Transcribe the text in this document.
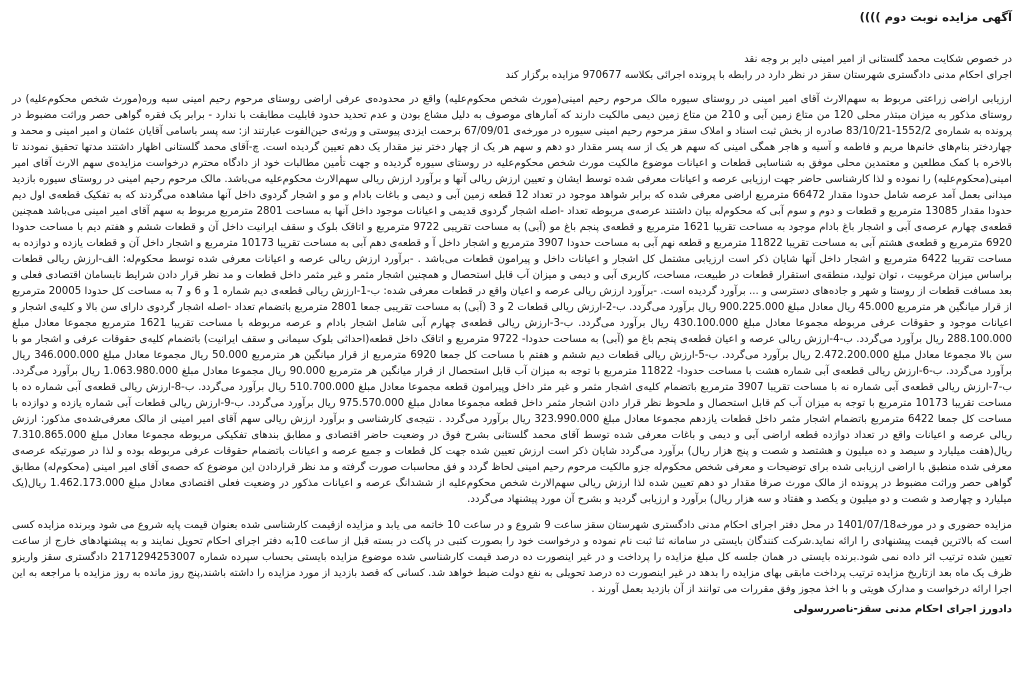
آگهی مزایده نوبت دوم ))))
در خصوص شکایت محمد گلستانی از امیر امینی دایر بر وجه نقد
اجرای احکام مدنی دادگستری شهرستان سقز در نظر دارد در رابطه با پرونده اجرائی بکلاسه 970677 مزایده برگزار کند
ارزیابی اراضی زراعتی مربوط به سهم‌الارث آقای امیر امینی در روستای سیوره مالک مرحوم رحیم امینی(مورث شخص محکوم‌علیه) واقع در محدوده‌ی عرفی اراضی روستای مرحوم رحیم امینی سیه وره(مورث شخص محکوم‌علیه) در روستای مذکور به میزان مبتذر محلی 120 من متاع زمین آبی و 210 من متاع زمین دیمی مالکیت دارند که آمارهای موصوف به دلیل مشاع بودن و عدم تحدید حدود قابلیت مطابقت با ندارد - برابر یک فقره گواهی حصر وراثت مضبوط در پرونده به شماره‌ی 1552/2-83/10/21 صادره از بخش ثبت اسناد و املاک سقز مرحوم رحیم امینی سیوره در مورخه‌ی 67/09/01 برحمت ایزدی پیوستی و ورثه‌ی حین‌الفوت عبارتند از: سه پسر باسامی آقایان عثمان و امیر امینی و محمد و چهاردختر بنام‌های خانم‌ها مریم و فاطمه و آسیه و هاجر همگی امینی که سهم هر یک از سه پسر مقدار دو دهم و سهم هر یک از چهار دختر نیز مقدار یک دهم تعیین گردیده است. چ-آقای محمد گلستانی اظهار داشتند مدتها تحقیق نمودند تا بالاخره با کمک مطلعین و معتمدین محلی موفق به شناسایی قطعات و اعیانات موضوع مالکیت مورث شخص محکوم‌علیه در روستای سیوره گردیده و جهت تأمین مطالبات خود از دادگاه محترم درخواست مزایده‌ی سهم الارث آقای امیر امینی(محکوم‌علیه) را نموده و لذا کارشناسی حاضر جهت ارزیابی عرصه و اعیانات معرفی شده توسط ایشان و تعیین ارزش ریالی آنها و برآورد ارزش ریالی سهم‌الارث محکوم‌علیه می‌باشد. مالک مرحوم رحیم امینی در روستای سیوره بازدید میدانی بعمل آمد عرصه شامل حدودا مقدار 66472 مترمربع اراضی معرفی شده که برابر شواهد موجود در تعداد 12 قطعه زمین آبی و دیمی و باغات بادام و مو و اشجار گردوی داخل آنها مشاهده می‌گردند که به تفکیک قطعه‌ی اول دیم حدودا مقدار 13085 مترمربع و قطعات و دوم و سوم آبی که محکوم‌له بیان داشتند عرصه‌ی مربوطه تعداد -اصله اشجار گردوی قدیمی و اعیانات موجود داخل آنها به مساحت 2801 مترمربع مربوط به سهم آقای امیر امینی می‌باشد همچنین قطعه‌ی چهارم عرصه‌ی آبی و اشجار باغ بادام موجود به مساحت تقریبا 1621 مترمربع و قطعه‌ی پنجم باغ مو (آبی) به مساحت تقریبی 9722 مترمربع و اتاقک بلوک و سقف ایرانیت داخل آن و قطعات ششم و هفتم دیم با مساحت حدودا 6920 مترمربع و قطعه‌ی هشتم آبی به مساحت تقریبا 11822 مترمربع و قطعه نهم آبی به مساحت حدودا 3907 مترمربع و اشجار داخل آ و قطعه‌ی دهم آبی به مساحت تقریبا 10173 مترمربع و اشجار داخل آن و قطعات یازده و دوازده به مساحت تقریبا 6422 مترمربع و اشجار داخل آنها شایان ذکر است ارزیابی مشتمل کل اشجار و اعیانات داخل و پیرامون قطعات می‌باشد . -برآورد ارزش ریالی عرصه و اعیانات معرفی شده توسط محکوم‌له: الف-ارزش ریالی قطعات براساس میزان مرغوبیت ، توان تولید، منطقه‌ی استقرار قطعات در طبیعت، مساحت، کاربری آبی و دیمی و میزان آب قابل استحصال و همچنین اشجار مثمر و غیر مثمر داخل قطعات و مد نظر قرار دادن شرایط نابسامان اقتصادی فعلی و بعد مسافت قطعات از روستا و شهر و جاده‌های دسترسی و ... برآورد گردیده است. -برآورد ارزش ریالی عرصه و اعیان واقع در قطعات معرفی شده: ب-1-ارزش ریالی قطعه‌ی دیم شماره 1 و 6 و 7 به مساحت کل حدودا 20005 مترمربع از قرار میانگین هر مترمربع 45.000 ریال معادل مبلغ 900.225.000 ریال برآورد می‌گردد. ب-2-ارزش ریالی قطعات 2 و 3 (آبی) به مساحت تقریبی جمعا 2801 مترمربع باتضمام تعداد -اصله اشجار گردوی دارای سن بالا و کلیه‌ی اشجار و اعیانات موجود و حقوقات عرفی مربوطه مجموعا معادل مبلغ 430.100.000 ریال برآورد می‌گردد. ب-3-ارزش ریالی قطعه‌ی چهارم آبی شامل اشجار بادام و عرصه مربوطه با مساحت تقریبا 1621 مترمربع مجموعا معادل مبلغ 288.100.000 ریال برآورد می‌گردد. ب-4-ارزش ریالی عرصه و اعیان قطعه‌ی پنجم باغ مو (آبی) به مساحت حدودا- 9722 مترمربع و اتاقک داخل قطعه(احداثی بلوک سیمانی و سقف ایرانیت) باتضمام کلیه‌ی حقوقات عرفی و اشجار مو با سن بالا مجموعا معادل مبلغ 2.472.200.000 ریال برآورد می‌گردد. ب-5-ارزش ریالی قطعات دیم ششم و هفتم با مساحت کل جمعا 6920 مترمربع از قرار میانگین هر مترمربع 50.000 ریال مجموعا معادل مبلغ 346.000.000 ریال برآورد می‌گردد. ب-6-ارزش ریالی قطعه‌ی آبی شماره هشت با مساحت حدودا- 11822 مترمربع با توجه به میزان آب قابل استحصال از قرار میانگین هر مترمربع 90.000 ریال مجموعا معادل مبلغ 1.063.980.000 ریال برآورد می‌گردد. ب-7-ارزش ریالی قطعه‌ی آبی شماره نه با مساحت تقریبا 3907 مترمربع باتضمام کلیه‌ی اشجار مثمر و غیر مثر داخل وپیرامون قطعه مجموعا معادل مبلغ 510.700.000 ریال برآورد می‌گردد. ب-8-ارزش ریالی قطعه‌ی آبی شماره ده با مساحت تقریبا 10173 مترمربع با توجه به میزان آب کم قابل استحصال و ملحوظ نظر قرار دادن اشجار مثمر داخل قطعه مجموعا معادل مبلغ 975.570.000 ریال برآورد می‌گردد. ب-9-ارزش ریالی قطعات آبی شماره یازده و دوازده با مساحت کل جمعا 6422 مترمربع باتضمام اشجار مثمر داخل قطعات یازدهم مجموعا معادل مبلغ 323.990.000 ریال برآورد می‌گردد . نتیجه‌ی کارشناسی و برآورد ارزش ریالی سهم آقای امیر امینی از مالک معرفی‌شده‌ی مذکور: ارزش ریالی عرصه و اعیانات واقع در تعداد دوازده قطعه اراضی آبی و دیمی و باغات معرفی شده توسط آقای محمد گلستانی بشرح فوق در وضعیت حاضر اقتصادی و مطابق بندهای تفکیکی مربوطه مجموعا معادل مبلغ 7.310.865.000 ریال(هفت میلیارد و سیصد و ده میلیون و هشتصد و شصت و پنج هزار ریال) برآورد می‌گردد شایان ذکر است ارزش تعیین شده جهت کل قطعات و جمیع عرصه و اعیانات باتضمام حقوقات عرفی مربوطه بوده و لذا در صورتیکه عرصه‌ی معرفی شده منطبق با اراضی ارزیابی شده برای توضیحات و معرفی شخص محکوم‌له جزو مالکیت مرحوم رحیم امینی لحاظ گردد و فق محاسبات صورت گرفته و مد نظر قراردادن این موضوع که حصه‌ی آقای امیر امینی (محکوم‌له) مطابق گواهی حصر وراثت مضبوط در پرونده از مالک مورث صرفا مقدار دو دهم تعیین شده لذا ارزش ریالی سهم‌الارث شخص محکوم‌علیه از ششدانگ عرصه و اعیانات مذکور در وضعیت فعلی اقتصادی معادل مبلغ 1.462.173.000 ریال(یک میلیارد و چهارصد و شصت و دو میلیون و یکصد و هفتاد و سه هزار ریال) برآورد و ارزیابی گردید و بشرح آن مورد پیشنهاد می‌گردد.
مزایده حضوری و در مورخه‌1401/07/18 در محل دفتر اجرای احکام مدنی دادگستری شهرستان سقز ساعت 9 شروع و در ساعت 10 خاتمه می یابد و مزایده ازقیمت کارشناسی شده بعنوان قیمت پایه شروع می شود وبرنده مزایده کسی است که بالاترین قیمت پیشنهادی را ارائه نماید.شرکت کنندگان بایستی در سامانه ثنا ثبت نام نموده و درخواست خود را بصورت کتبی در پاکت در بسته قبل از ساعت 10به دفتر اجرای احکام تحویل نمایند و به پیشنهادهای خارج از ساعت تعیین شده ترتیب اثر داده نمی شود.برنده بایستی در همان جلسه کل مبلغ مزایده را پرداخت و در غیر اینصورت ده درصد قیمت کارشناسی شده موضوع مزایده بایستی بحساب سپرده شماره 2171294253007 دادگستری سقز واریزو ظرف یک ماه بعد ازتاریخ مزایده ترتیب پرداخت مابقی بهای مزایده را بدهد در غیر اینصورت ده درصد تحویلی به نفع دولت ضبط خواهد شد. کسانی که قصد بازدید از مورد مزایده را داشته باشند‚پنج روز مانده به روز مزایده با مراجعه به این اجرا ارائه درخواست و مدارک هویتی و با اخذ مجوز وفق مقررات می توانند از آن بازدید بعمل آورند .
دادورز اجرای احکام مدنی سقز-ناصررسولی
